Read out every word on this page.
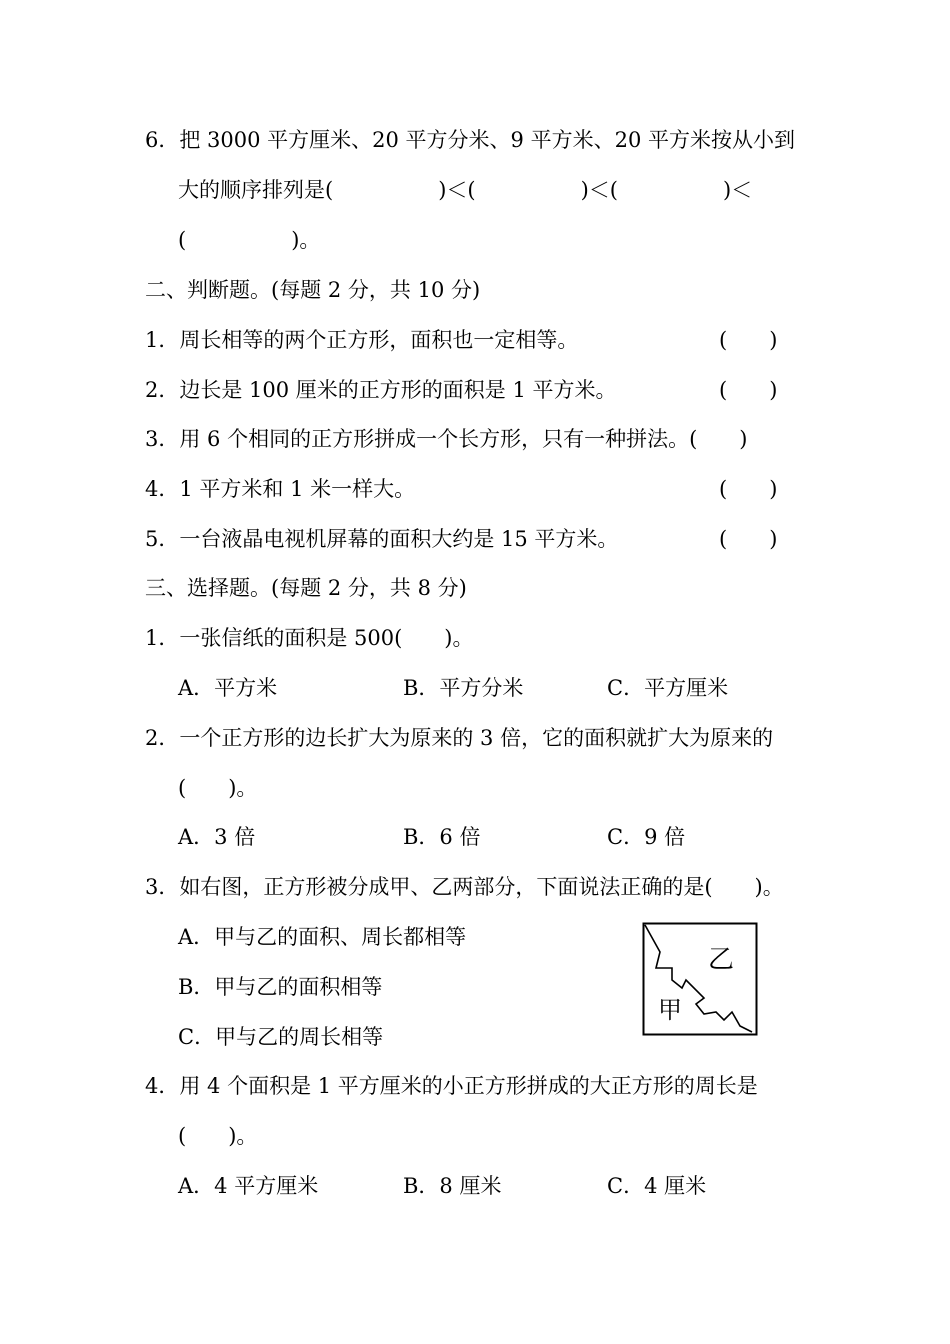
6．把 3000 平方厘米、20 平方分米、9 平方米、20 平方米按从小到
大的顺序排列是(　　　　　)＜(　　　　　)＜(　　　　　)＜
(　　　　　)。
二、判断题。(每题 2 分，共 10 分)
1．周长相等的两个正方形，面积也一定相等。	(　　)
2．边长是 100 厘米的正方形的面积是 1 平方米。	(　　)
3．用 6 个相同的正方形拼成一个长方形，只有一种拼法。(　　)
4．1 平方米和 1 米一样大。	(　　)
5．一台液晶电视机屏幕的面积大约是 15 平方米。	(　　)
三、选择题。(每题 2 分，共 8 分)
1．一张信纸的面积是 500(　　)。
A．平方米	B．平方分米	C．平方厘米
2．一个正方形的边长扩大为原来的 3 倍，它的面积就扩大为原来的
(　　)。
A．3 倍	B．6 倍	C．9 倍
3．如右图，正方形被分成甲、乙两部分，下面说法正确的是(　　)。
A．甲与乙的面积、周长都相等
B．甲与乙的面积相等
C．甲与乙的周长相等
乙
甲
4．用 4 个面积是 1 平方厘米的小正方形拼成的大正方形的周长是
(　　)。
A．4 平方厘米	B．8 厘米	C．4 厘米
